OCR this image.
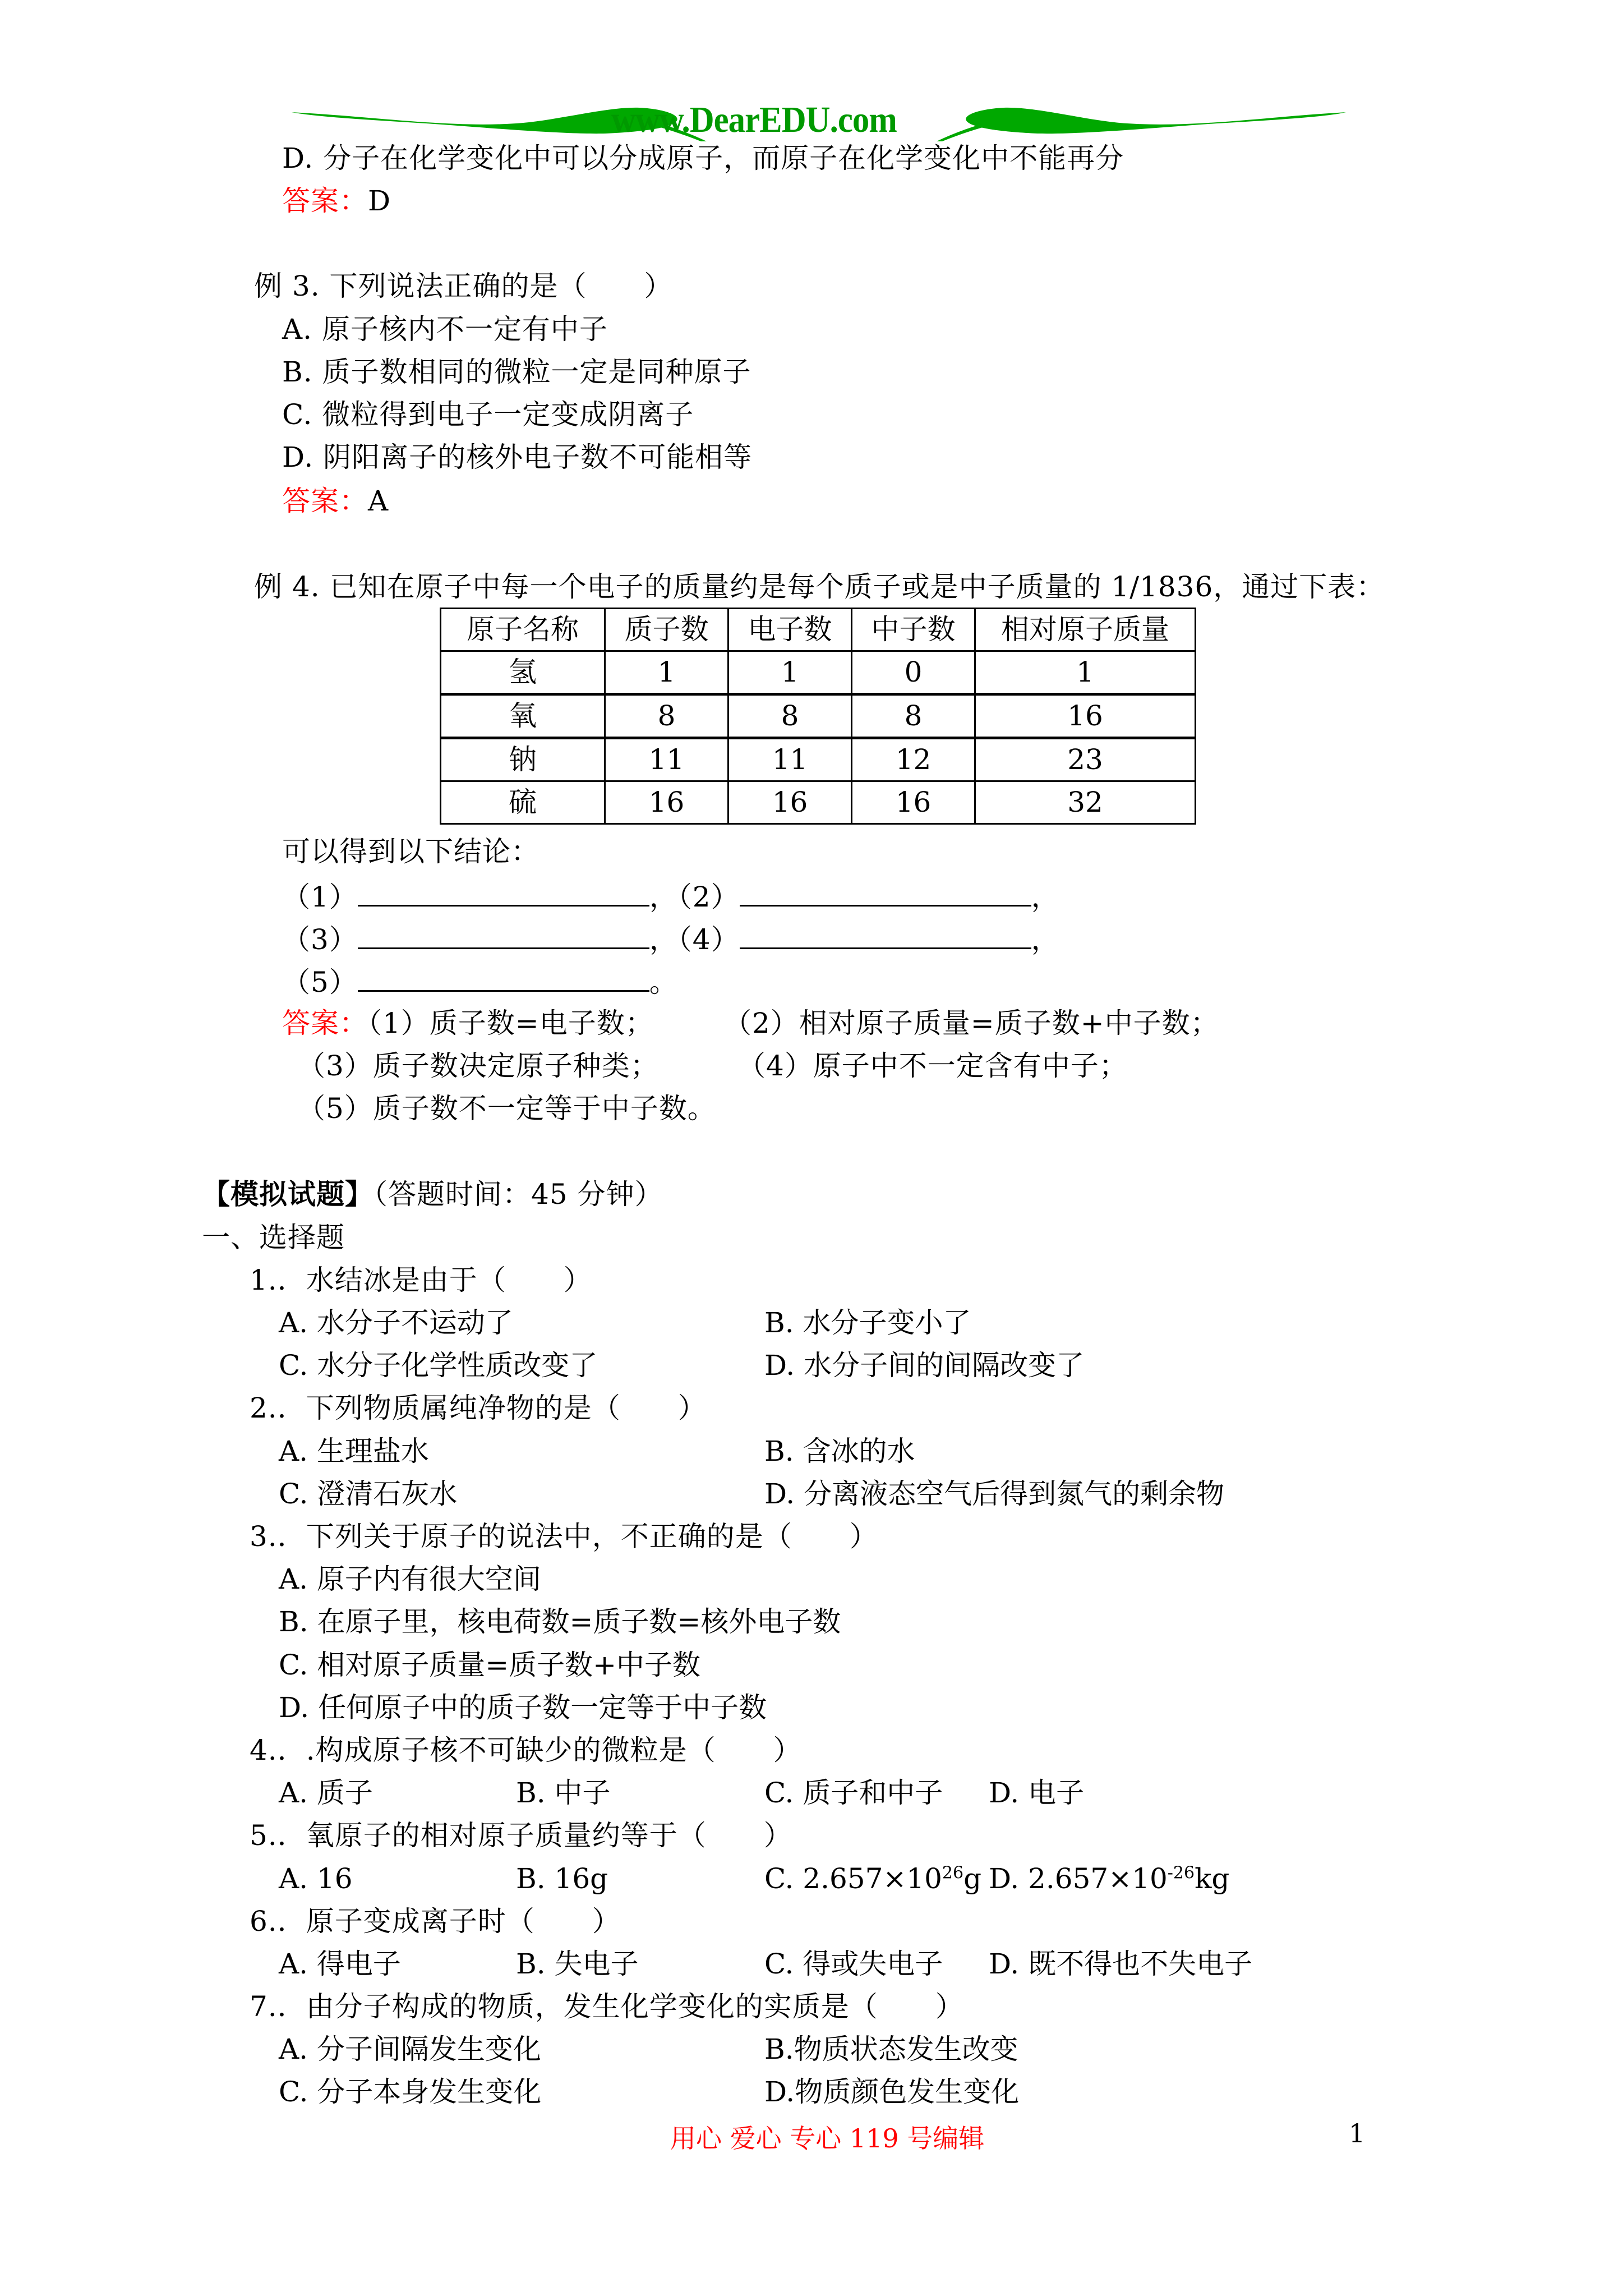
www.DearEDU.com
D. 分子在化学变化中可以分成原子，而原子在化学变化中不能再分
答案：D
例 3. 下列说法正确的是（　　）
A. 原子核内不一定有中子
B. 质子数相同的微粒一定是同种原子
C. 微粒得到电子一定变成阴离子
D. 阴阳离子的核外电子数不可能相等
答案：A
例 4. 已知在原子中每一个电子的质量约是每个质子或是中子质量的 1/1836，通过下表：
原子名称	质子数	电子数	中子数	相对原子质量
氢	1	1	0	1
氧	8	8	8	16
钠	11	11	12	23
硫	16	16	16	32
可以得到以下结论：
（1）	，（2）	，
（3）	，（4）	，
（5）	。
答案：（1）质子数=电子数； （2）相对原子质量=质子数+中子数；
（3）质子数决定原子种类；	（4）原子中不一定含有中子；
（5）质子数不一定等于中子数。
【模拟试题】（答题时间：45 分钟）
一、选择题
1.．水结冰是由于（　　）
A. 水分子不运动了	B. 水分子变小了
C. 水分子化学性质改变了	D. 水分子间的间隔改变了
2.．下列物质属纯净物的是（　　）
A. 生理盐水	B. 含冰的水
C. 澄清石灰水	D. 分离液态空气后得到氮气的剩余物
3.．下列关于原子的说法中，不正确的是（　　）
A. 原子内有很大空间
B. 在原子里，核电荷数=质子数=核外电子数
C. 相对原子质量=质子数+中子数
D. 任何原子中的质子数一定等于中子数
4.．.构成原子核不可缺少的微粒是（　　）
A. 质子	B. 中子	C. 质子和中子 D. 电子
5.．氧原子的相对原子质量约等于（　　）
A. 16	B. 16g	C. $2.657\times 10^{26}g$ D. $2.657\times 10^{-26}kg$
6.．原子变成离子时（　　）
A. 得电子	B. 失电子	C. 得或失电子 D. 既不得也不失电子
7.．由分子构成的物质，发生化学变化的实质是（　　）
A. 分子间隔发生变化	B.物质状态发生改变
C. 分子本身发生变化	D.物质颜色发生变化
用心 爱心 专心 119 号编辑	1
